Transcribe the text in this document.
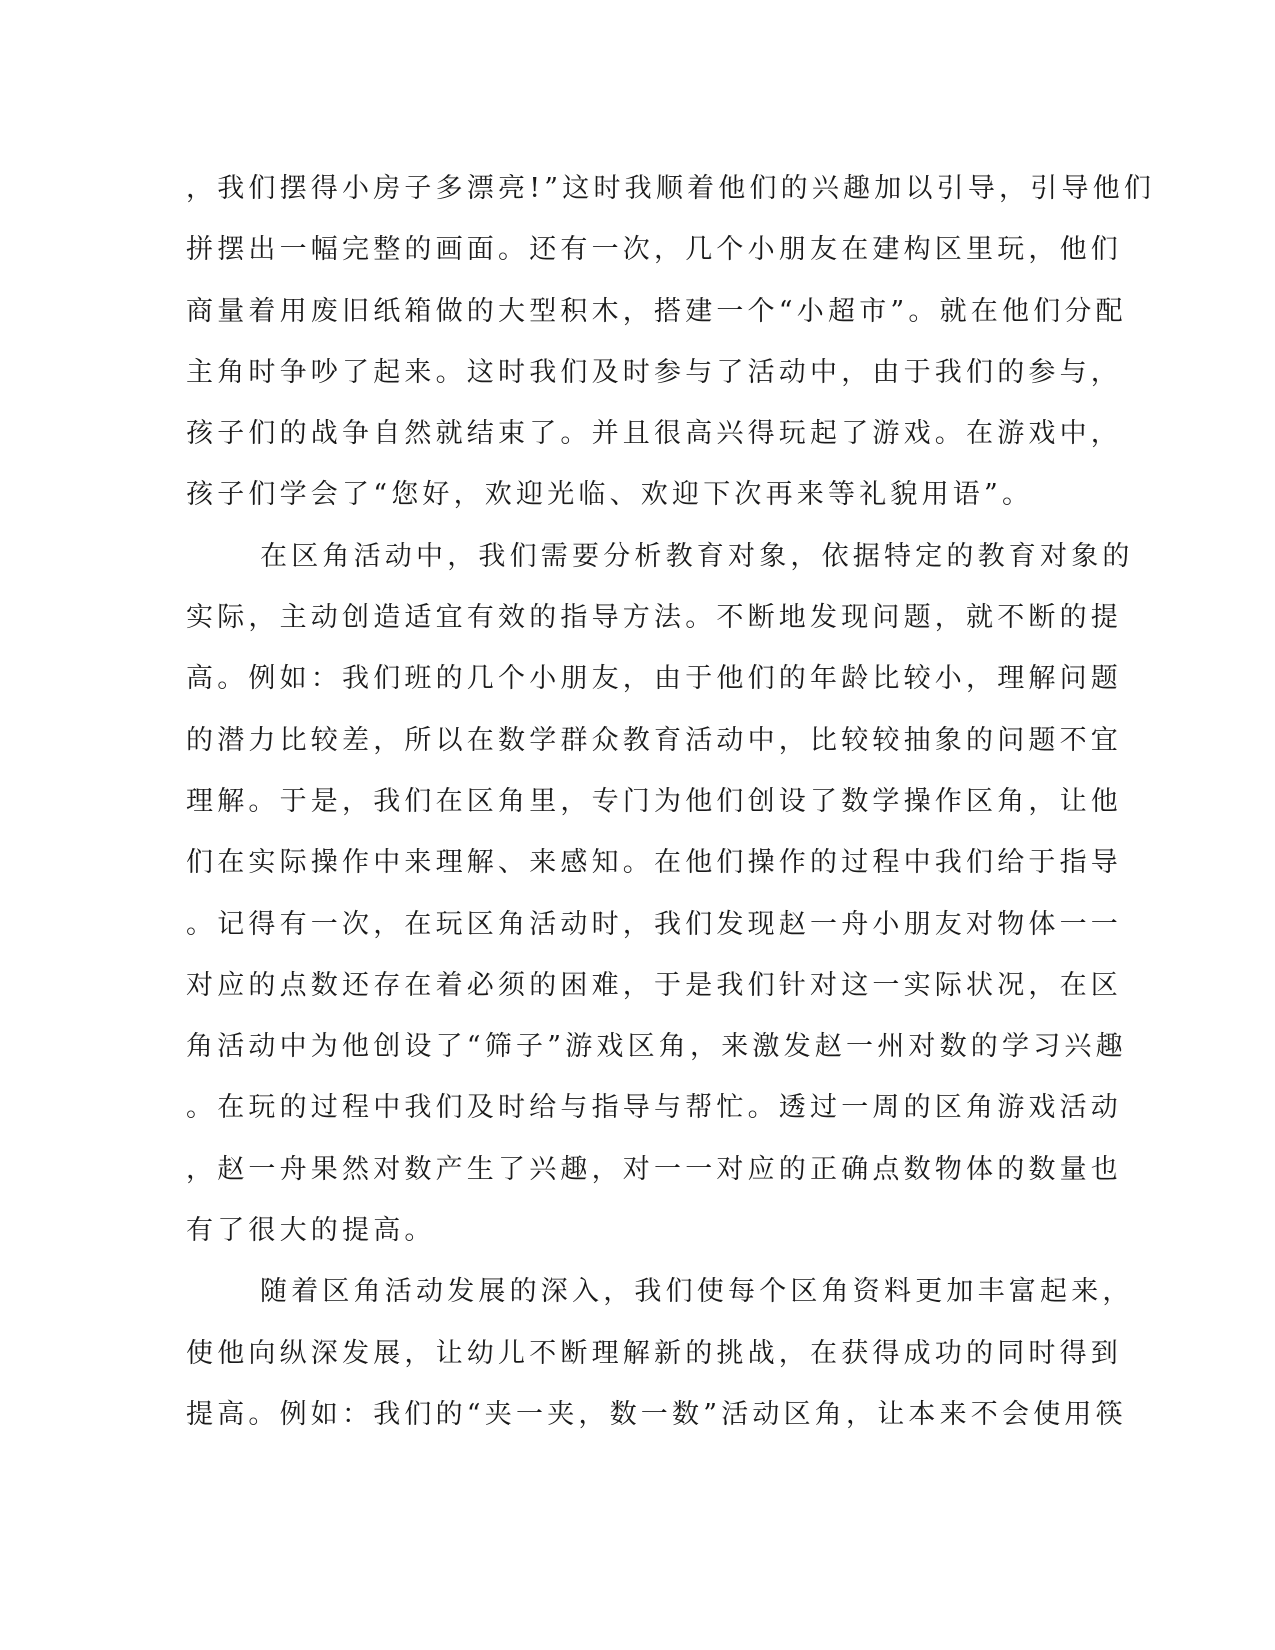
，我们摆得小房子多漂亮!”这时我顺着他们的兴趣加以引导，引导他们
拼摆出一幅完整的画面。还有一次，几个小朋友在建构区里玩，他们
商量着用废旧纸箱做的大型积木，搭建一个“小超市”。就在他们分配
主角时争吵了起来。这时我们及时参与了活动中，由于我们的参与，
孩子们的战争自然就结束了。并且很高兴得玩起了游戏。在游戏中，
孩子们学会了“您好，欢迎光临、欢迎下次再来等礼貌用语”。
在区角活动中，我们需要分析教育对象，依据特定的教育对象的
实际，主动创造适宜有效的指导方法。不断地发现问题，就不断的提
高。例如：我们班的几个小朋友，由于他们的年龄比较小，理解问题
的潜力比较差，所以在数学群众教育活动中，比较较抽象的问题不宜
理解。于是，我们在区角里，专门为他们创设了数学操作区角，让他
们在实际操作中来理解、来感知。在他们操作的过程中我们给于指导
。记得有一次，在玩区角活动时，我们发现赵一舟小朋友对物体一一
对应的点数还存在着必须的困难，于是我们针对这一实际状况，在区
角活动中为他创设了“筛子”游戏区角，来激发赵一州对数的学习兴趣
。在玩的过程中我们及时给与指导与帮忙。透过一周的区角游戏活动
，赵一舟果然对数产生了兴趣，对一一对应的正确点数物体的数量也
有了很大的提高。
随着区角活动发展的深入，我们使每个区角资料更加丰富起来，
使他向纵深发展，让幼儿不断理解新的挑战，在获得成功的同时得到
提高。例如：我们的“夹一夹，数一数”活动区角，让本来不会使用筷
